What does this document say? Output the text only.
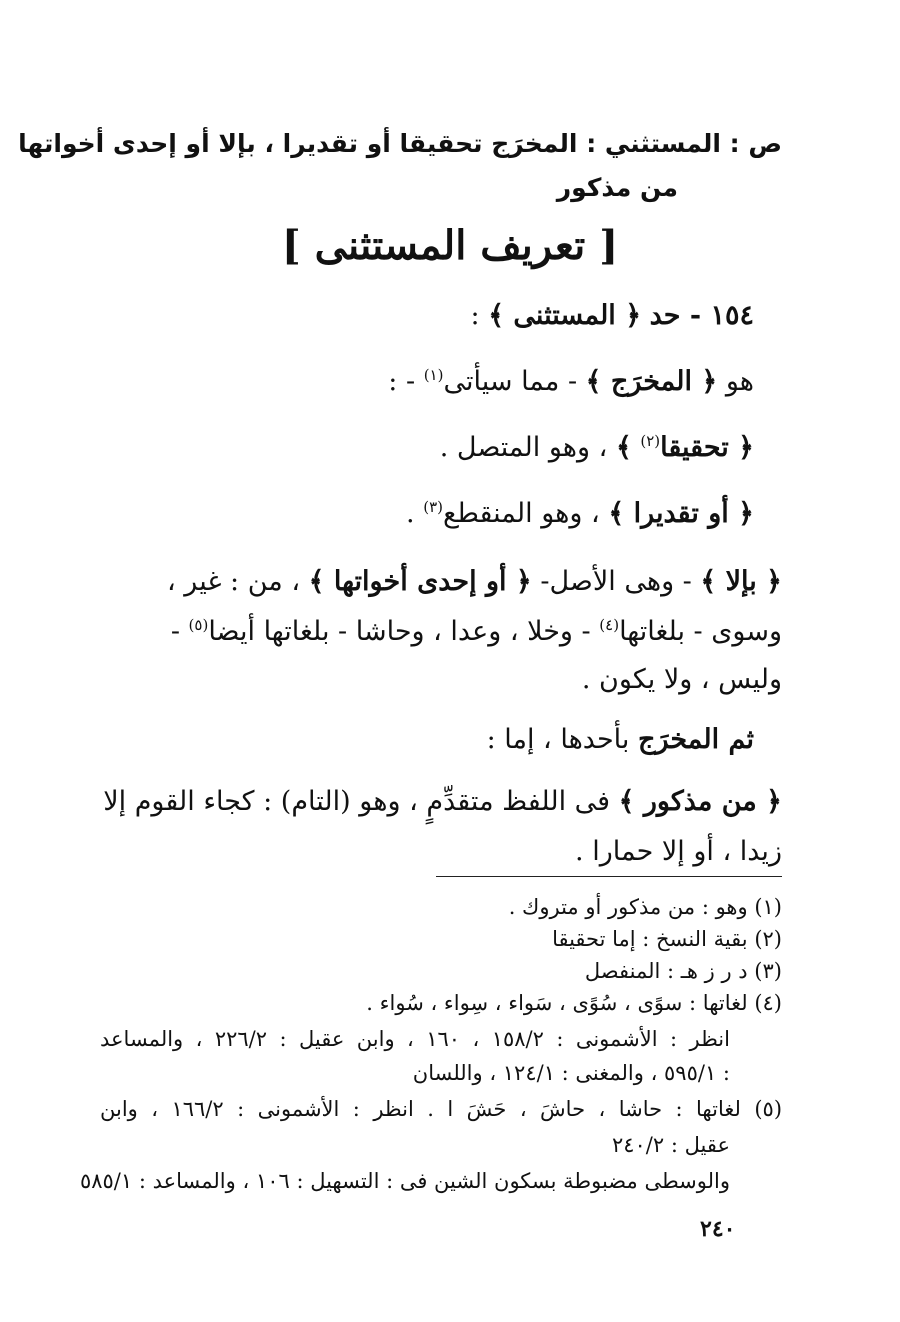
ص : المستثني : المخرَج تحقيقا أو تقديرا ، بإلا أو إحدى أخواتها
من مذكور
[ تعريف المستثنى ]
١٥٤ - حد ﴿ المستثنى ﴾ :
هو ﴿ المخرَج ﴾ - مما سيأتى$^{(١)}$ - :
﴿ تحقيقا$^{(٢)}$ ﴾ ، وهو المتصل .
﴿ أو تقديرا ﴾ ، وهو المنقطع$^{(٣)}$ .
﴿ بإلا ﴾ - وهى الأصل- ﴿ أو إحدى أخواتها ﴾ ، من : غير ،
وسوى - بلغاتها$^{(٤)}$ - وخلا ، وعدا ، وحاشا - بلغاتها أيضا$^{(٥)}$ -
وليس ، ولا يكون .
ثم المخرَج بأحدها ، إما :
﴿ من مذكور ﴾ فى اللفظ متقدِّمٍ ، وهو (التام) : كجاء القوم إلا
زيدا ، أو إلا حمارا .
(١) وهو : من مذكور أو متروك .
(٢) بقية النسخ : إما تحقيقا
(٣) د ر ز هـ : المنفصل
(٤) لغاتها : سوًى ، سُوًى ، سَواء ، سِواء ، سُواء .
انظر : الأشمونى : ١٥٨/٢ ، ١٦٠ ، وابن عقيل : ٢٢٦/٢ ، والمساعد
: ٥٩٥/١ ، والمغنى : ١٢٤/١ ، واللسان
(٥) لغاتها : حاشا ، حاشَ ، حَشَ ا . انظر : الأشمونى : ١٦٦/٢ ، وابن
عقيل : ٢٤٠/٢
والوسطى مضبوطة بسكون الشين فى : التسهيل : ١٠٦ ، والمساعد : ٥٨٥/١
٢٤٠
